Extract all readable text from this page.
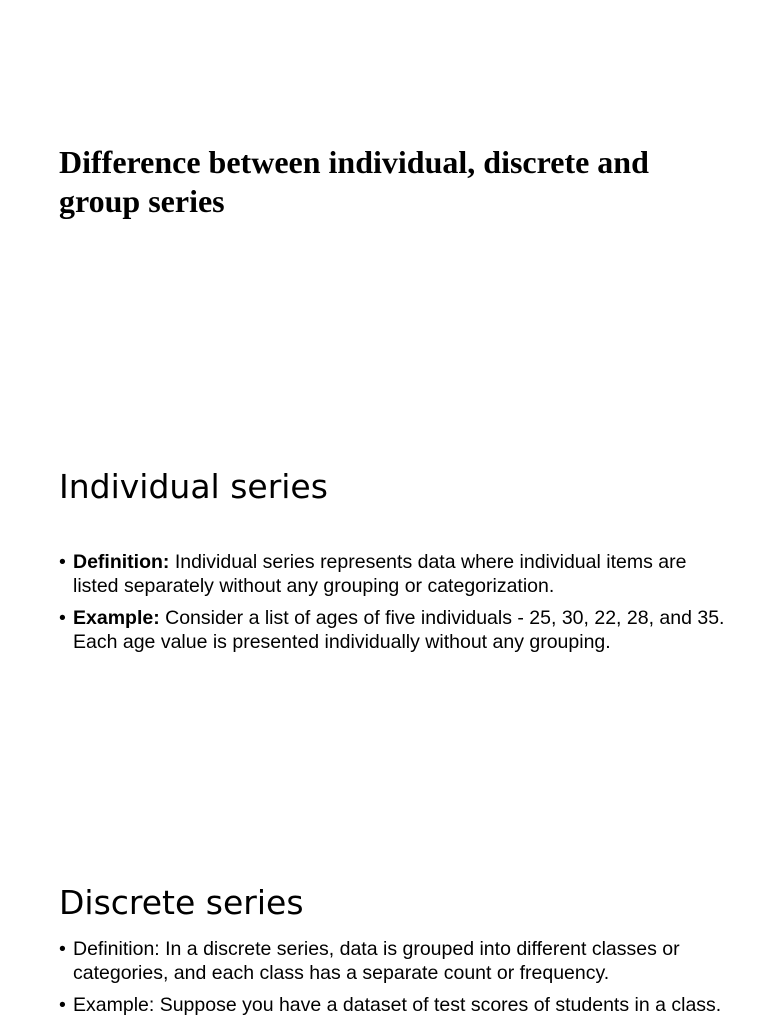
Difference between individual, discrete and group series
Individual series
• Definition: Individual series represents data where individual items are listed separately without any grouping or categorization.
• Example: Consider a list of ages of five individuals - 25, 30, 22, 28, and 35. Each age value is presented individually without any grouping.
Discrete series
• Definition: In a discrete series, data is grouped into different classes or categories, and each class has a separate count or frequency.
• Example: Suppose you have a dataset of test scores of students in a class.
